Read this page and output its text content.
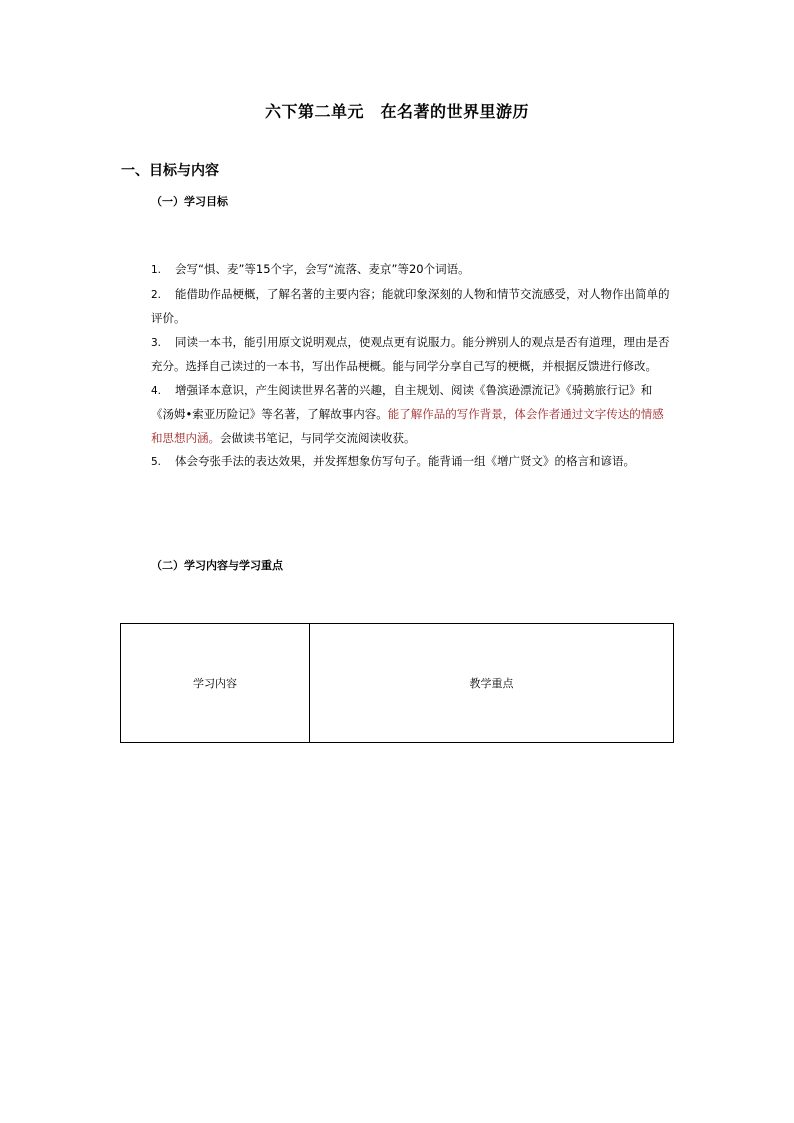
六下第二单元　在名著的世界里游历
一、目标与内容
（一）学习目标

1. 会写“惧、麦”等15个字，会写“流落、麦京”等20个词语。

2. 能借助作品梗概，了解名著的主要内容；能就印象深刻的人物和情节交流感受，对人物作出简单的评价。

3. 同读一本书，能引用原文说明观点，使观点更有说服力。能分辨别人的观点是否有道理，理由是否充分。选择自己读过的一本书，写出作品梗概。能与同学分享自己写的梗概，并根据反馈进行修改。

4. 增强译本意识，产生阅读世界名著的兴趣，自主规划、阅读《鲁滨逊漂流记》《骑鹅旅行记》和《汤姆•索亚历险记》等名著，了解故事内容。能了解作品的写作背景，体会作者通过文字传达的情感和思想内涵。会做读书笔记，与同学交流阅读收获。

5. 体会夸张手法的表达效果，并发挥想象仿写句子。能背诵一组《增广贤文》的格言和谚语。

（二）学习内容与学习重点
学习内容	教学重点
